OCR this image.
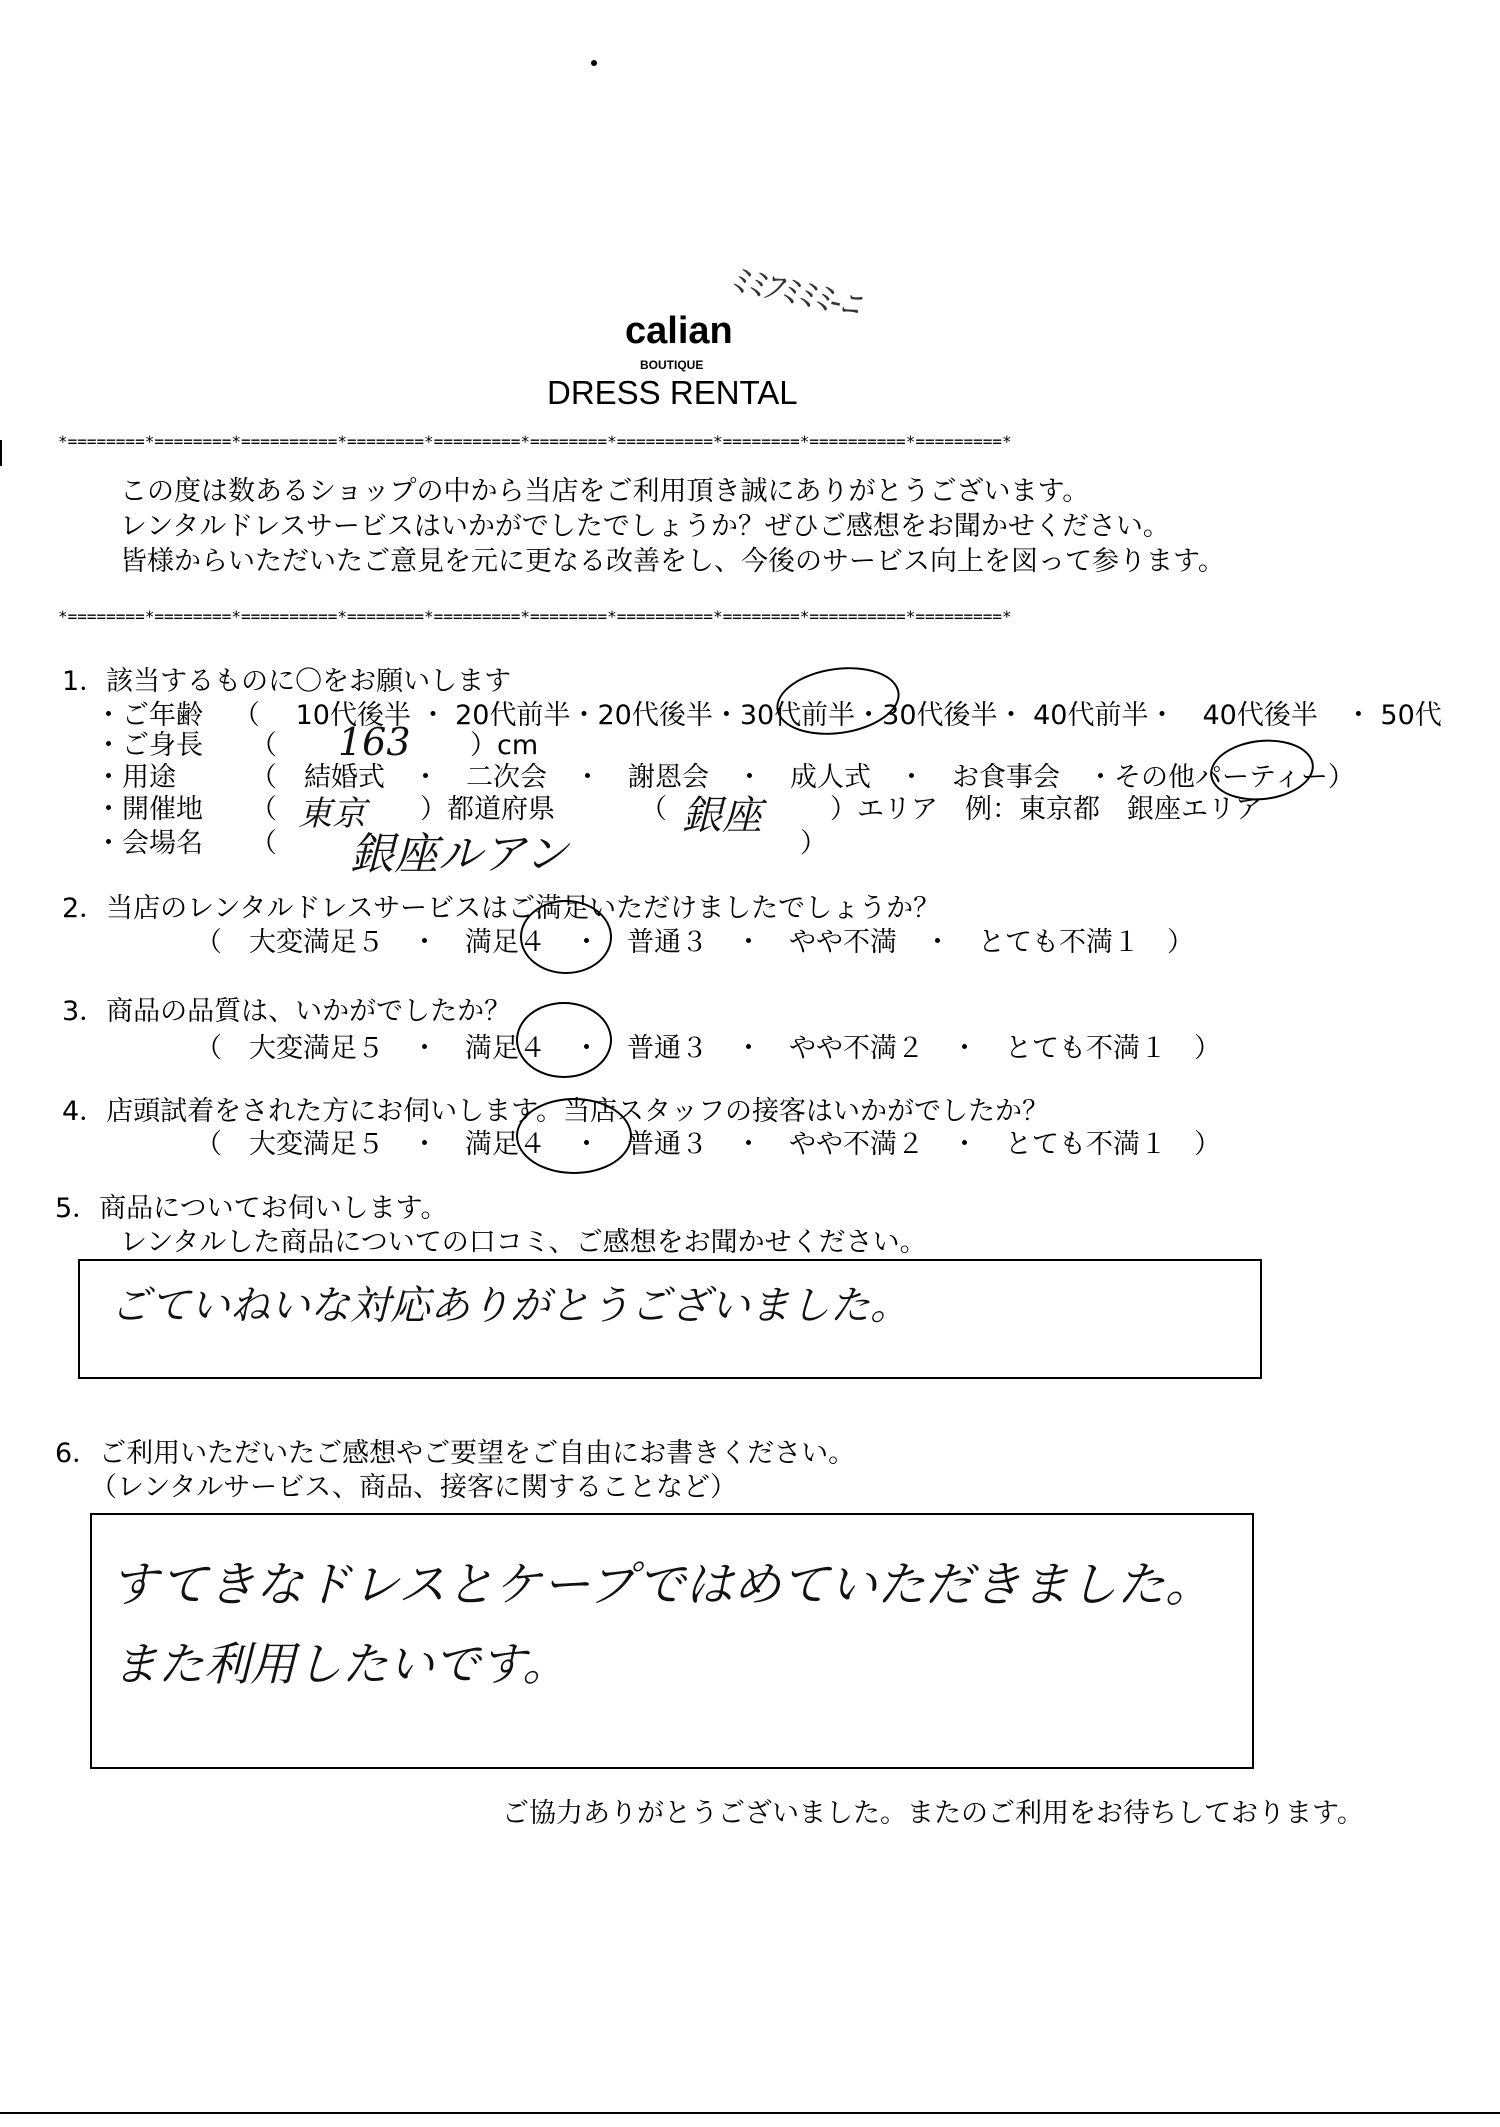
ﾐﾐﾌﾐﾐﾐ-ﾆ
calian
BOUTIQUE
DRESS RENTAL
*========*========*==========*========*=========*========*==========*========*==========*=========*
この度は数あるショップの中から当店をご利用頂き誠にありがとうございます。
レンタルドレスサービスはいかがでしたでしょうか？ぜひご感想をお聞かせください。
皆様からいただいたご意見を元に更なる改善をし、今後のサービス向上を図って参ります。
*========*========*==========*========*=========*========*==========*========*==========*=========*
1．該当するものに〇をお願いします
・ご年齢 （　 10代後半 ・ 20代前半・20代後半・30代前半・30代後半・ 40代前半・　40代後半　・ 50代
・ご身長 （ 163 ）cm
・用途	（　結婚式　・　二次会　・　謝恩会　・　成人式　・　お食事会　・その他パーティー）
・開催地 （ 東京 ）都道府県	（ 銀座	）エリア　例：東京都　銀座エリア
・会場名 （ 銀座ルアン	）
2．当店のレンタルドレスサービスはご満足いただけましたでしょうか？
（　大変満足５　・　満足４　・　普通３　・　やや不満　・　とても不満１　）
3．商品の品質は、いかがでしたか？
（　大変満足５　・　満足４　・　普通３　・　やや不満２　・　とても不満１　）
4．店頭試着をされた方にお伺いします。当店スタッフの接客はいかがでしたか？
（　大変満足５　・　満足４　・　普通３　・　やや不満２　・　とても不満１　）
5．商品についてお伺いします。
レンタルした商品についての口コミ、ご感想をお聞かせください。
ごていねいな対応ありがとうございました。
6．ご利用いただいたご感想やご要望をご自由にお書きください。
（レンタルサービス、商品、接客に関することなど）
すてきなドレスとケープではめていただきました。
また利用したいです。
ご協力ありがとうございました。またのご利用をお待ちしております。
